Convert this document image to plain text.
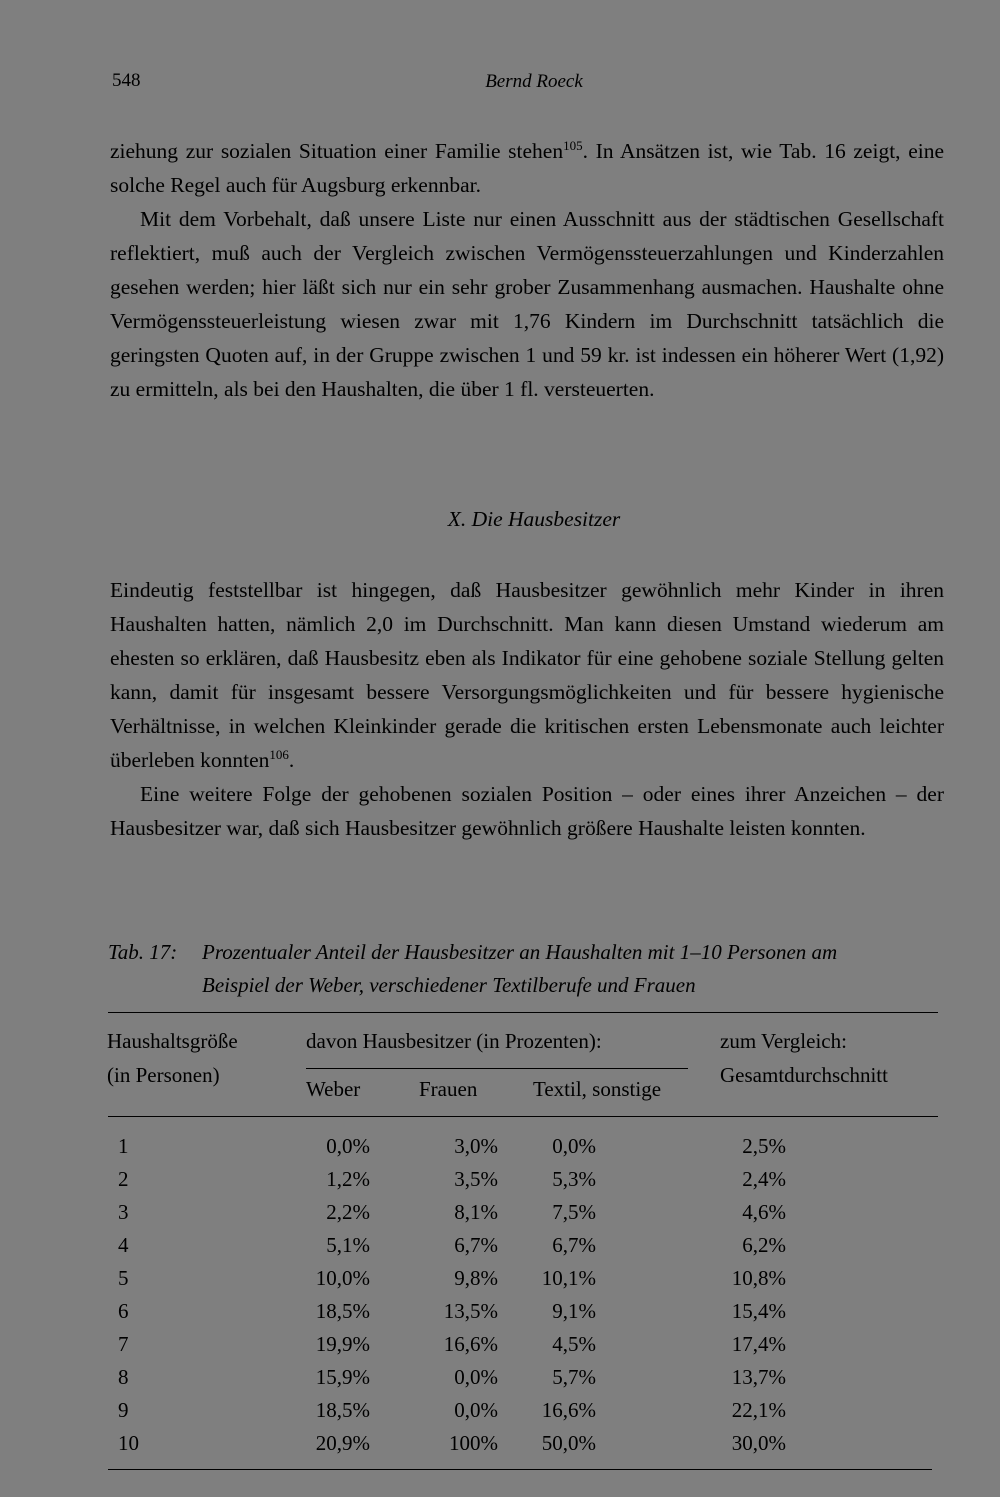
548	Bernd Roeck

ziehung zur sozialen Situation einer Familie stehen$^{105}$. In Ansätzen ist, wie Tab. 16 zeigt, eine solche Regel auch für Augsburg erkennbar.

Mit dem Vorbehalt, daß unsere Liste nur einen Ausschnitt aus der städtischen Gesellschaft reflektiert, muß auch der Vergleich zwischen Vermögenssteuerzahlungen und Kinderzahlen gesehen werden; hier läßt sich nur ein sehr grober Zusammenhang ausmachen. Haushalte ohne Vermögenssteuerleistung wiesen zwar mit 1,76 Kindern im Durchschnitt tatsächlich die geringsten Quoten auf, in der Gruppe zwischen 1 und 59 kr. ist indessen ein höherer Wert (1,92) zu ermitteln, als bei den Haushalten, die über 1 fl. versteuerten.

X. Die Hausbesitzer

Eindeutig feststellbar ist hingegen, daß Hausbesitzer gewöhnlich mehr Kinder in ihren Haushalten hatten, nämlich 2,0 im Durchschnitt. Man kann diesen Umstand wiederum am ehesten so erklären, daß Hausbesitz eben als Indikator für eine gehobene soziale Stellung gelten kann, damit für insgesamt bessere Versorgungsmöglichkeiten und für bessere hygienische Verhältnisse, in welchen Kleinkinder gerade die kritischen ersten Lebensmonate auch leichter überleben konnten$^{106}$.

Eine weitere Folge der gehobenen sozialen Position – oder eines ihrer Anzeichen – der Hausbesitzer war, daß sich Hausbesitzer gewöhnlich größere Haushalte leisten konnten.

Tab. 17: Prozentualer Anteil der Hausbesitzer an Haushalten mit 1–10 Personen am
Beispiel der Weber, verschiedener Textilberufe und Frauen
Haushaltsgröße
(in Personen)
davon Hausbesitzer (in Prozenten):
Weber	Frauen	Textil, sonstige
zum Vergleich:
Gesamtdurchschnitt
1	0,0%	3,0%	0,0%	2,5%
2	1,2%	3,5%	5,3%	2,4%
3	2,2%	8,1%	7,5%	4,6%
4	5,1%	6,7%	6,7%	6,2%
5	10,0%	9,8%	10,1%	10,8%
6	18,5%	13,5%	9,1%	15,4%
7	19,9%	16,6%	4,5%	17,4%
8	15,9%	0,0%	5,7%	13,7%
9	18,5%	0,0%	16,6%	22,1%
10	20,9%	100%	50,0%	30,0%
